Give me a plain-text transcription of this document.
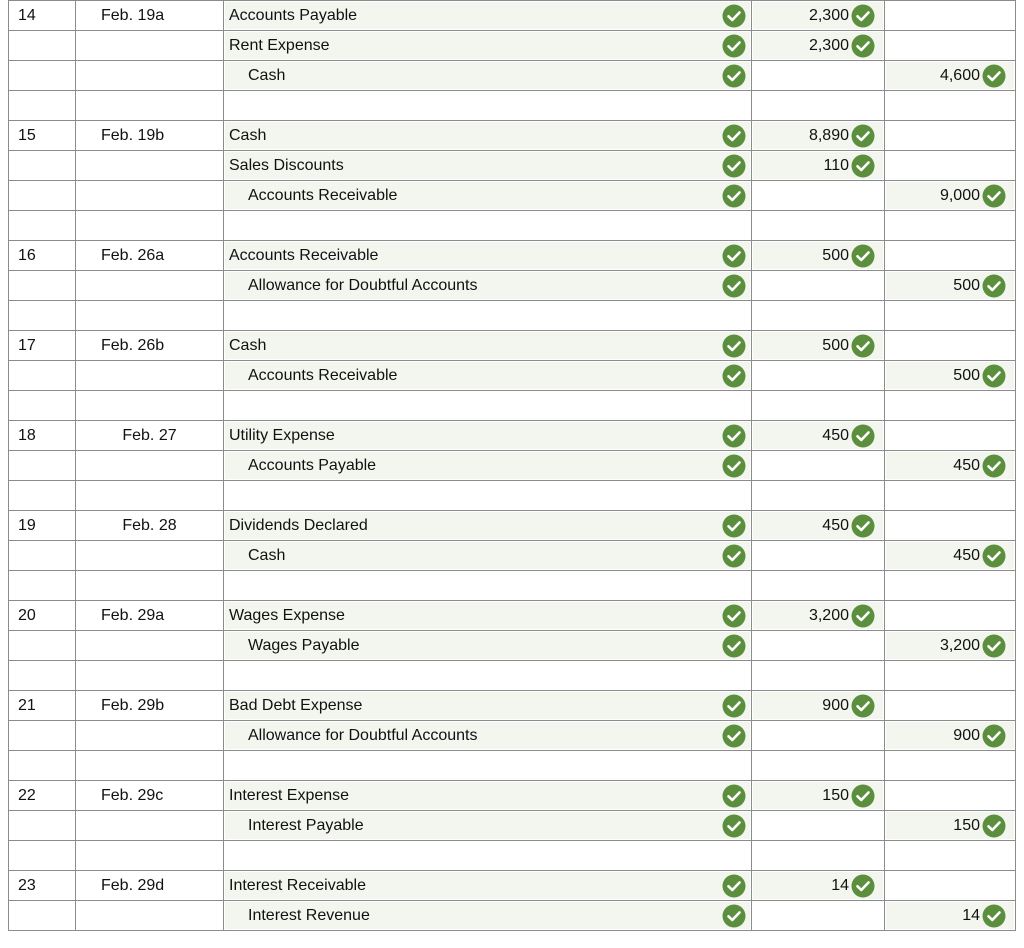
14	Feb. 19a	Accounts Payable	2,300	

		Rent Expense	2,300	

		Cash		4,600

15	Feb. 19b	Cash	8,890	

		Sales Discounts	110	

		Accounts Receivable		9,000

16	Feb. 26a	Accounts Receivable	500	

		Allowance for Doubtful Accounts		500

17	Feb. 26b	Cash	500	

		Accounts Receivable		500

18	Feb. 27	Utility Expense	450	

		Accounts Payable		450

19	Feb. 28	Dividends Declared	450	

		Cash		450

20	Feb. 29a	Wages Expense	3,200	

		Wages Payable		3,200

21	Feb. 29b	Bad Debt Expense	900	

		Allowance for Doubtful Accounts		900

22	Feb. 29c	Interest Expense	150	

		Interest Payable		150

23	Feb. 29d	Interest Receivable	14	

		Interest Revenue		14
